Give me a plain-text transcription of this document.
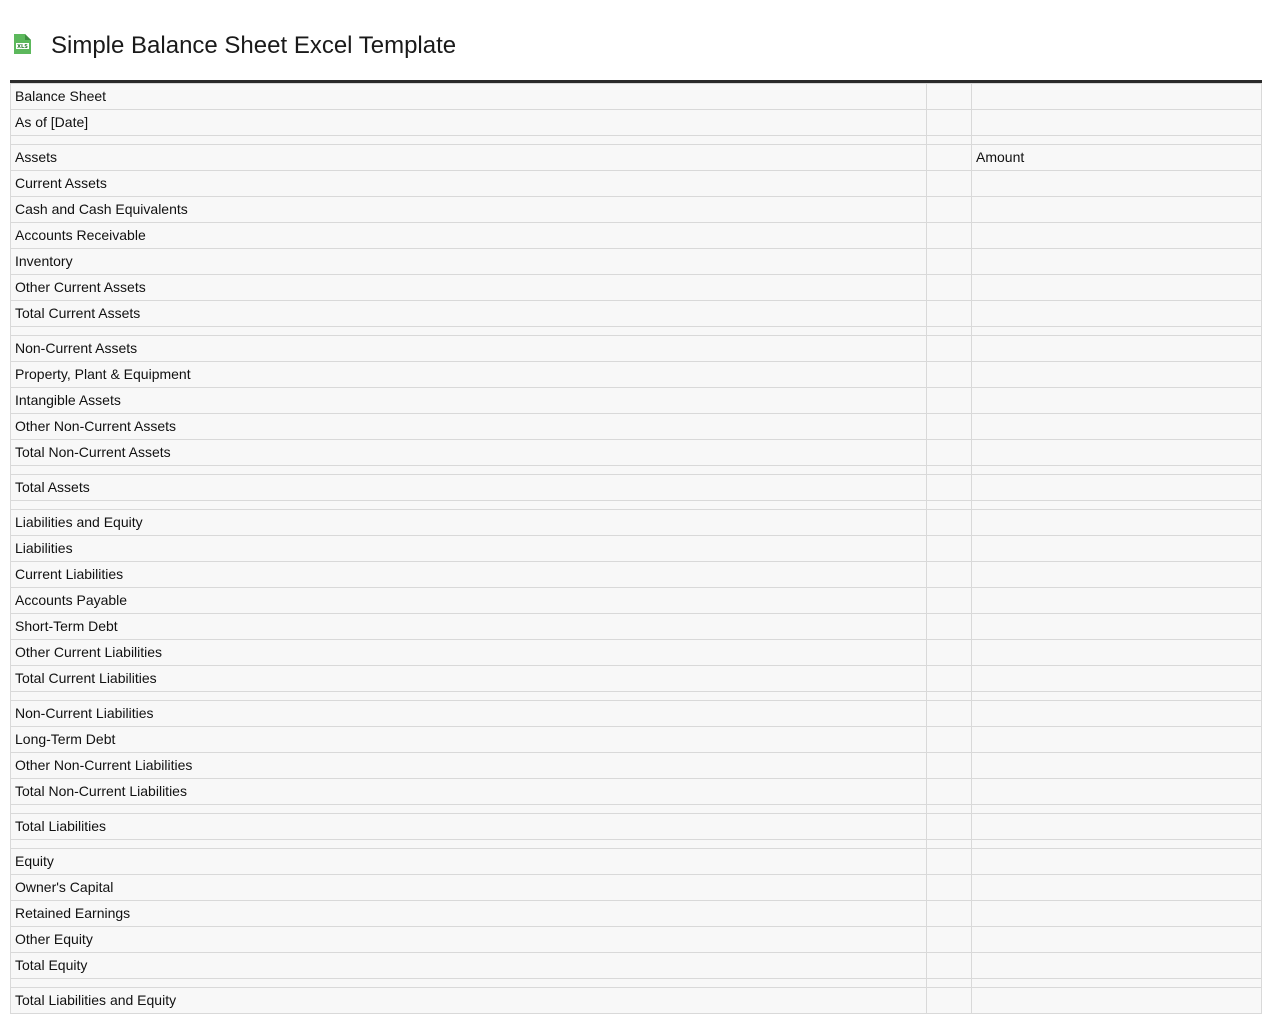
XLS Simple Balance Sheet Excel Template
Balance Sheet		
As of [Date]		

Assets		Amount
Current Assets		
Cash and Cash Equivalents		
Accounts Receivable		
Inventory		
Other Current Assets		
Total Current Assets		

Non-Current Assets		
Property, Plant & Equipment		
Intangible Assets		
Other Non-Current Assets		
Total Non-Current Assets		

Total Assets		

Liabilities and Equity		
Liabilities		
Current Liabilities		
Accounts Payable		
Short-Term Debt		
Other Current Liabilities		
Total Current Liabilities		

Non-Current Liabilities		
Long-Term Debt		
Other Non-Current Liabilities		
Total Non-Current Liabilities		

Total Liabilities		

Equity		
Owner's Capital		
Retained Earnings		
Other Equity		
Total Equity		

Total Liabilities and Equity		
